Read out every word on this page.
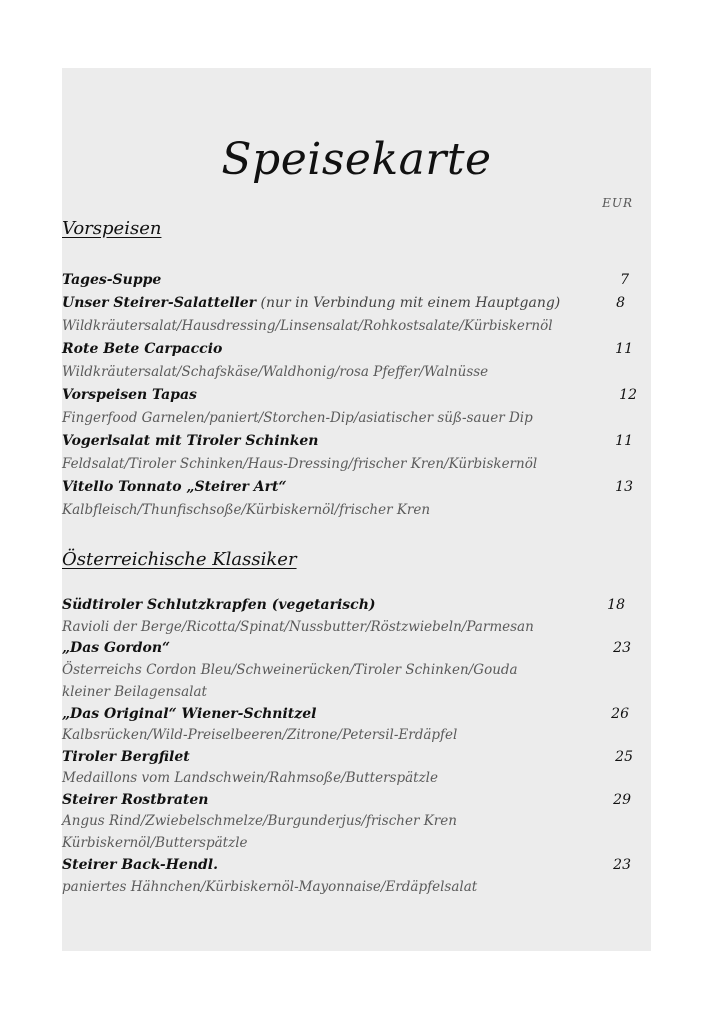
Speisekarte
EUR
Vorspeisen
Tages-Suppe	7
Unser Steirer-Salatteller (nur in Verbindung mit einem Hauptgang)	8
Wildkräutersalat/Hausdressing/Linsensalat/Rohkostsalate/Kürbiskernöl
Rote Bete Carpaccio	11
Wildkräutersalat/Schafskäse/Waldhonig/rosa Pfeffer/Walnüsse
Vorspeisen Tapas	12
Fingerfood Garnelen/paniert/Storchen-Dip/asiatischer süß-sauer Dip
Vogerlsalat mit Tiroler Schinken	11
Feldsalat/Tiroler Schinken/Haus-Dressing/frischer Kren/Kürbiskernöl
Vitello Tonnato „Steirer Art“	13
Kalbfleisch/Thunfischsoße/Kürbiskernöl/frischer Kren
Österreichische Klassiker
Südtiroler Schlutzkrapfen (vegetarisch)	18
Ravioli der Berge/Ricotta/Spinat/Nussbutter/Röstzwiebeln/Parmesan
„Das Gordon“	23
Österreichs Cordon Bleu/Schweinerücken/Tiroler Schinken/Gouda
kleiner Beilagensalat
„Das Original“ Wiener-Schnitzel	26
Kalbsrücken/Wild-Preiselbeeren/Zitrone/Petersil-Erdäpfel
Tiroler Bergfilet	25
Medaillons vom Landschwein/Rahmsoße/Butterspätzle
Steirer Rostbraten	29
Angus Rind/Zwiebelschmelze/Burgunderjus/frischer Kren
Kürbiskernöl/Butterspätzle
Steirer Back-Hendl.	23
paniertes Hähnchen/Kürbiskernöl-Mayonnaise/Erdäpfelsalat
